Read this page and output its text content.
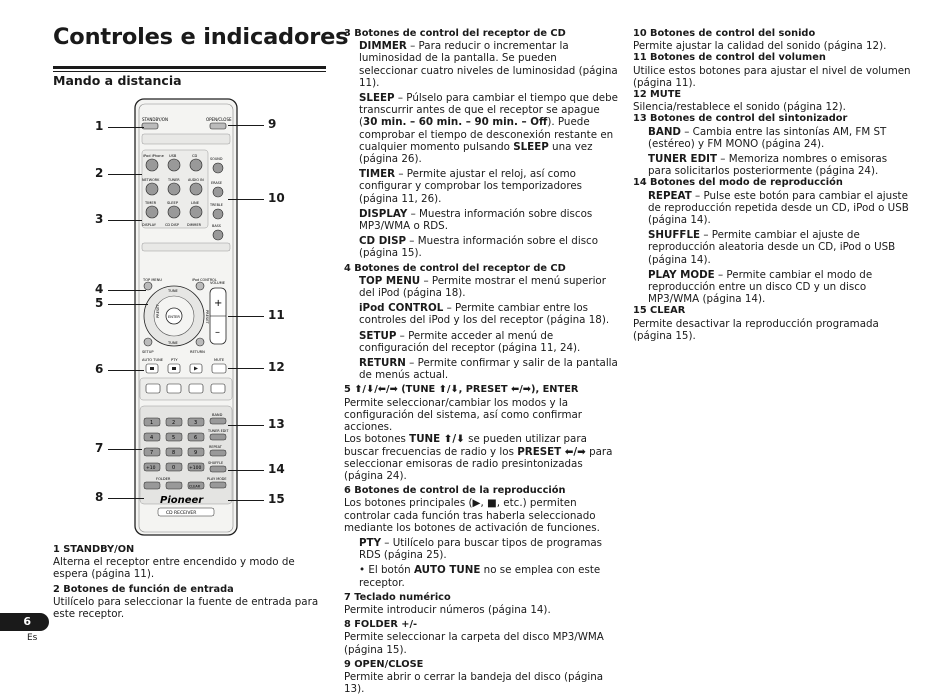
Controles e indicadores
Mando a distancia
STANDBY/ON	OPEN/CLOSE
iPod iPhone USB	CD
NETWORK	TUNER AUDIO IN
TIMER	SLEEP	LINE
DISPLAY	CD DISP DIMMER
SOUND
ERASE
TREBLE
BASS
TOP MENU	iPod CONTROL
VOLUME
ENTER
TUNE
TUNE
PRESET	PRESET
SETUP	RETURN
+
–
AUTO TUNE PTY	MUTE
BAND
TUNER EDIT
REPEAT
SHUFFLE
PLAY MODE
1	2	3
4	5	6
7	8	9
+10	0	+100
FOLDER
CLEAR
Pioneer
CD RECEIVER
1
2
3
4
5
6
7
8
9
10
11
12
13
14
15

1 STANDBY/ON

Alterna el receptor entre encendido y modo de espera (página 11).

2 Botones de función de entrada

Utilícelo para seleccionar la fuente de entrada para este receptor.

3 Botones de control del receptor de CD

DIMMER – Para reducir o incrementar la luminosidad de la pantalla. Se pueden seleccionar cuatro niveles de luminosidad (página 11).

SLEEP – Púlselo para cambiar el tiempo que debe transcurrir antes de que el receptor se apague (30 min. – 60 min. – 90 min. – Off). Puede comprobar el tiempo de desconexión restante en cualquier momento pulsando SLEEP una vez (página 26).

TIMER – Permite ajustar el reloj, así como configurar y comprobar los temporizadores (página 11, 26).

DISPLAY – Muestra información sobre discos MP3/WMA o RDS.

CD DISP – Muestra información sobre el disco (página 15).

4 Botones de control del receptor de CD

TOP MENU – Permite mostrar el menú superior del iPod (página 18).

iPod CONTROL – Permite cambiar entre los controles del iPod y los del receptor (página 18).

SETUP – Permite acceder al menú de configuración del receptor (página 11, 24).

RETURN – Permite confirmar y salir de la pantalla de menús actual.

5 ⬆/⬇/⬅/➡ (TUNE ⬆/⬇, PRESET ⬅/➡), ENTER

Permite seleccionar/cambiar los modos y la configuración del sistema, así como confirmar acciones.

Los botones TUNE ⬆/⬇ se pueden utilizar para buscar frecuencias de radio y los PRESET ⬅/➡ para seleccionar emisoras de radio presintonizadas (página 24).

6 Botones de control de la reproducción

Los botones principales (▶, ■, etc.) permiten controlar cada función tras haberla seleccionado mediante los botones de activación de funciones.

PTY – Utilícelo para buscar tipos de programas RDS (página 25).

• El botón AUTO TUNE no se emplea con este receptor.

7 Teclado numérico

Permite introducir números (página 14).

8 FOLDER +/-

Permite seleccionar la carpeta del disco MP3/WMA (página 15).

9 OPEN/CLOSE

Permite abrir o cerrar la bandeja del disco (página 13).

10 Botones de control del sonido

Permite ajustar la calidad del sonido (página 12).

11 Botones de control del volumen

Utilice estos botones para ajustar el nivel de volumen (página 11).

12 MUTE

Silencia/restablece el sonido (página 12).

13 Botones de control del sintonizador

BAND – Cambia entre las sintonías AM, FM ST (estéreo) y FM MONO (página 24).

TUNER EDIT – Memoriza nombres o emisoras para solicitarlos posteriormente (página 24).

14 Botones del modo de reproducción

REPEAT – Pulse este botón para cambiar el ajuste de reproducción repetida desde un CD, iPod o USB (página 14).

SHUFFLE – Permite cambiar el ajuste de reproducción aleatoria desde un CD, iPod o USB (página 14).

PLAY MODE – Permite cambiar el modo de reproducción entre un disco CD y un disco MP3/WMA (página 14).

15 CLEAR

Permite desactivar la reproducción programada (página 15).

6
Es
